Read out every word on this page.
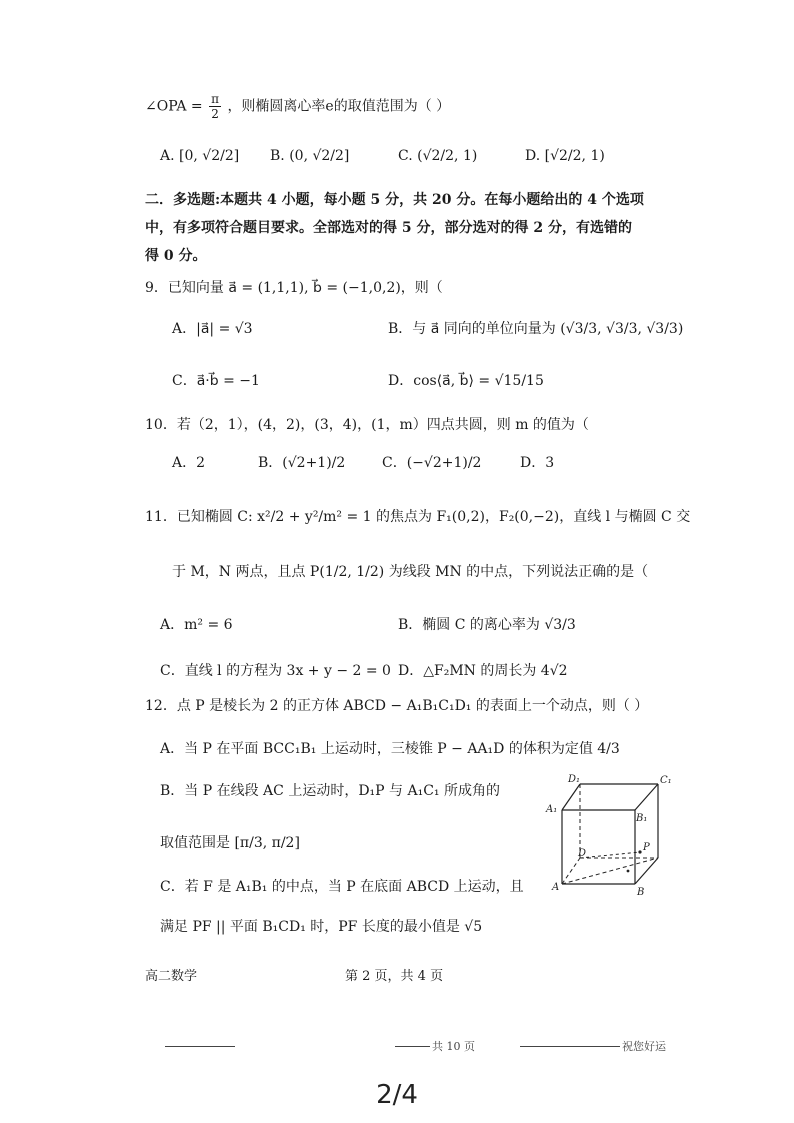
∠OPA = $\frac{\pi}{2}$ ，则椭圆离心率e的取值范围为（ ）
A. [0, √2/2] B. (0, √2/2]	C. (√2/2, 1)	D. [√2/2, 1)
二．多选题:本题共 4 小题，每小题 5 分，共 20 分。在每小题给出的 4 个选项
中，有多项符合题目要求。全部选对的得 5 分，部分选对的得 2 分，有选错的
得 0 分。
9．已知向量 a⃗ = (1,1,1), b⃗ = (−1,0,2)，则（
A．|a⃗| = √3	B．与 a⃗ 同向的单位向量为 (√3/3, √3/3, √3/3)
C．a⃗·b⃗ = −1	D．cos⟨a⃗, b⃗⟩ = √15/15
10．若（2，1），(4，2)，(3，4)，(1，m）四点共圆，则 m 的值为（
A．2	B．(√2+1)/2	C．(−√2+1)/2	D．3
11．已知椭圆 C: x²/2 + y²/m² = 1 的焦点为 F₁(0,2)，F₂(0,−2)，直线 l 与椭圆 C 交
于 M，N 两点，且点 P(1/2, 1/2) 为线段 MN 的中点，下列说法正确的是（
A．m² = 6	B．椭圆 C 的离心率为 √3/3
C．直线 l 的方程为 3x + y − 2 = 0 D．△F₂MN 的周长为 4√2
12．点 P 是棱长为 2 的正方体 ABCD − A₁B₁C₁D₁ 的表面上一个动点，则（ ）
A．当 P 在平面 BCC₁B₁ 上运动时，三棱锥 P − AA₁D 的体积为定值 4/3
B．当 P 在线段 AC 上运动时，D₁P 与 A₁C₁ 所成角的
取值范围是 [π/3, π/2]
C．若 F 是 A₁B₁ 的中点，当 P 在底面 ABCD 上运动，且
满足 PF || 平面 B₁CD₁ 时，PF 长度的最小值是 √5
D₁	C₁
A₁
B₁
D
P
A	B
高二数学	第 2 页，共 4 页
共 10 页	祝您好运
2/4
